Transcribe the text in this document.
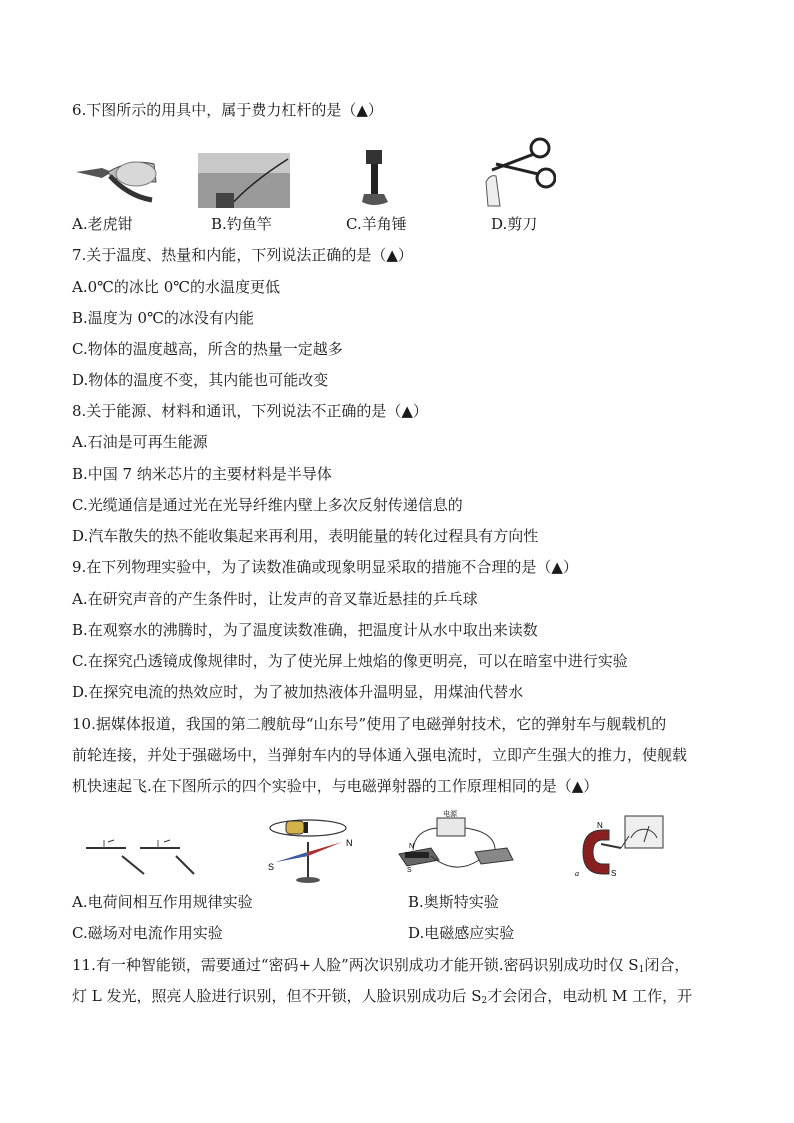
6.下图所示的用具中，属于费力杠杆的是（▲）
A.老虎钳	B.钓鱼竿	C.羊角锤	D.剪刀
7.关于温度、热量和内能，下列说法正确的是（▲）
A.0℃的冰比 0℃的水温度更低
B.温度为 0℃的冰没有内能
C.物体的温度越高，所含的热量一定越多
D.物体的温度不变，其内能也可能改变
8.关于能源、材料和通讯，下列说法不正确的是（▲）
A.石油是可再生能源
B.中国 7 纳米芯片的主要材料是半导体
C.光缆通信是通过光在光导纤维内壁上多次反射传递信息的
D.汽车散失的热不能收集起来再利用，表明能量的转化过程具有方向性
9.在下列物理实验中，为了读数准确或现象明显采取的措施不合理的是（▲）
A.在研究声音的产生条件时，让发声的音叉靠近悬挂的乒乓球
B.在观察水的沸腾时，为了温度读数准确，把温度计从水中取出来读数
C.在探究凸透镜成像规律时，为了使光屏上烛焰的像更明亮，可以在暗室中进行实验
D.在探究电流的热效应时，为了被加热液体升温明显，用煤油代替水
10.据媒体报道，我国的第二艘航母“山东号”使用了电磁弹射技术，它的弹射车与舰载机的
前轮连接，并处于强磁场中，当弹射车内的导体通入强电流时，立即产生强大的推力，使舰载
机快速起飞.在下图所示的四个实验中，与电磁弹射器的工作原理相同的是（▲）
S
N
电源
N
S
N
S
a
A.电荷间相互作用规律实验	B.奥斯特实验
C.磁场对电流作用实验	D.电磁感应实验
11.有一种智能锁，需要通过“密码+人脸”两次识别成功才能开锁.密码识别成功时仅 $S_1$闭合，
灯 L 发光，照亮人脸进行识别，但不开锁，人脸识别成功后 $S_2$才会闭合，电动机 M 工作，开
